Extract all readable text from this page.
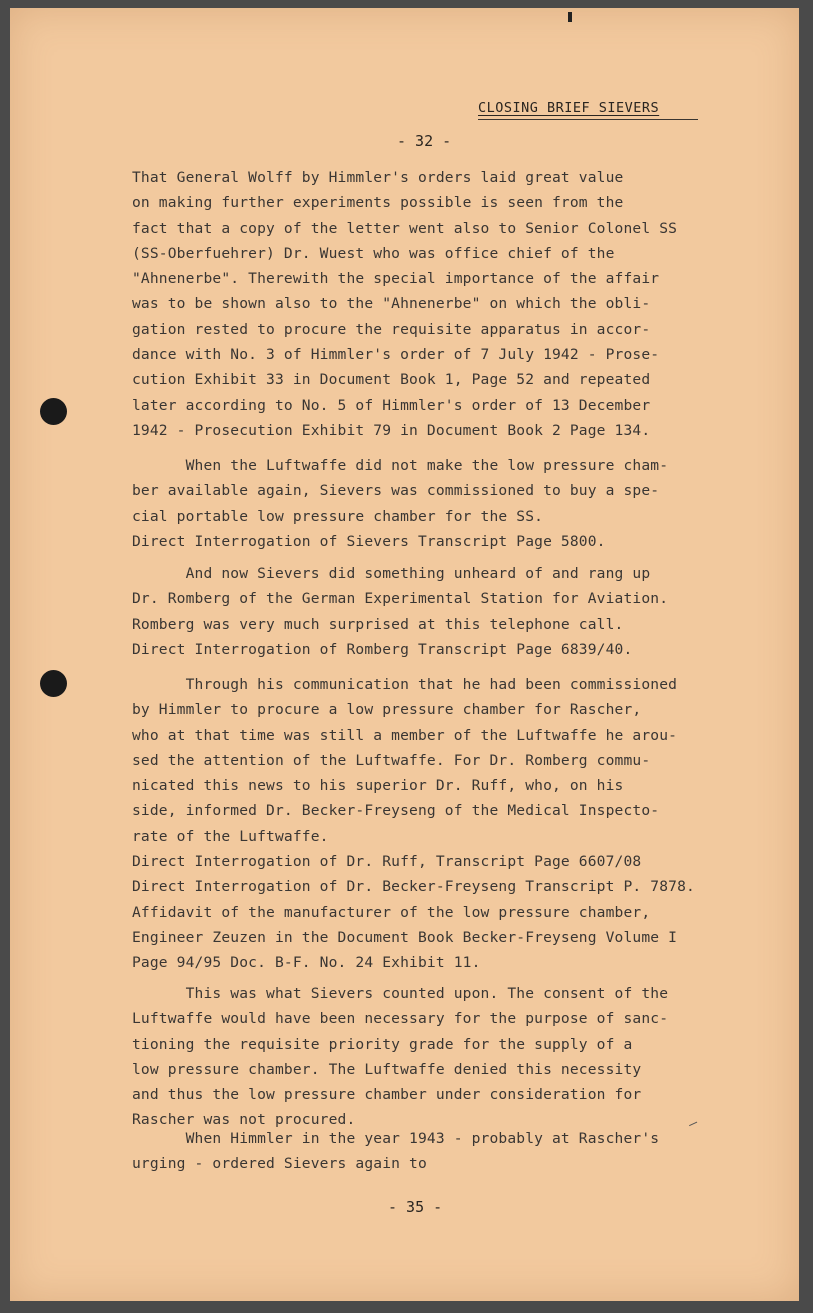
CLOSING BRIEF SIEVERS
- 32 -
That General Wolff by Himmler's orders laid great value
on making further experiments possible is seen from the
fact that a copy of the letter went also to Senior Colonel SS
(SS-Oberfuehrer) Dr. Wuest who was office chief of the
"Ahnenerbe". Therewith the special importance of the affair
was to be shown also to the "Ahnenerbe" on which the obli-
gation rested to procure the requisite apparatus in accor-
dance with No. 3 of Himmler's order of 7 July 1942 - Prose-
cution Exhibit 33 in Document Book 1, Page 52 and repeated
later according to No. 5 of Himmler's order of 13 December
1942 - Prosecution Exhibit 79 in Document Book 2 Page 134.
When the Luftwaffe did not make the low pressure cham-
ber available again, Sievers was commissioned to buy a spe-
cial portable low pressure chamber for the SS.
Direct Interrogation of Sievers Transcript Page 5800.
And now Sievers did something unheard of and rang up
Dr. Romberg of the German Experimental Station for Aviation.
Romberg was very much surprised at this telephone call.
Direct Interrogation of Romberg Transcript Page 6839/40.
Through his communication that he had been commissioned
by Himmler to procure a low pressure chamber for Rascher,
who at that time was still a member of the Luftwaffe he arou-
sed the attention of the Luftwaffe. For Dr. Romberg commu-
nicated this news to his superior Dr. Ruff, who, on his
side, informed Dr. Becker-Freyseng of the Medical Inspecto-
rate of the Luftwaffe.
Direct Interrogation of Dr. Ruff, Transcript Page 6607/08
Direct Interrogation of Dr. Becker-Freyseng Transcript P. 7878.
Affidavit of the manufacturer of the low pressure chamber,
Engineer Zeuzen in the Document Book Becker-Freyseng Volume I
Page 94/95 Doc. B-F. No. 24 Exhibit 11.
This was what Sievers counted upon. The consent of the
Luftwaffe would have been necessary for the purpose of sanc-
tioning the requisite priority grade for the supply of a
low pressure chamber. The Luftwaffe denied this necessity
and thus the low pressure chamber under consideration for
Rascher was not procured.
When Himmler in the year 1943 - probably at Rascher's
urging - ordered Sievers again to
⸝
- 35 -
